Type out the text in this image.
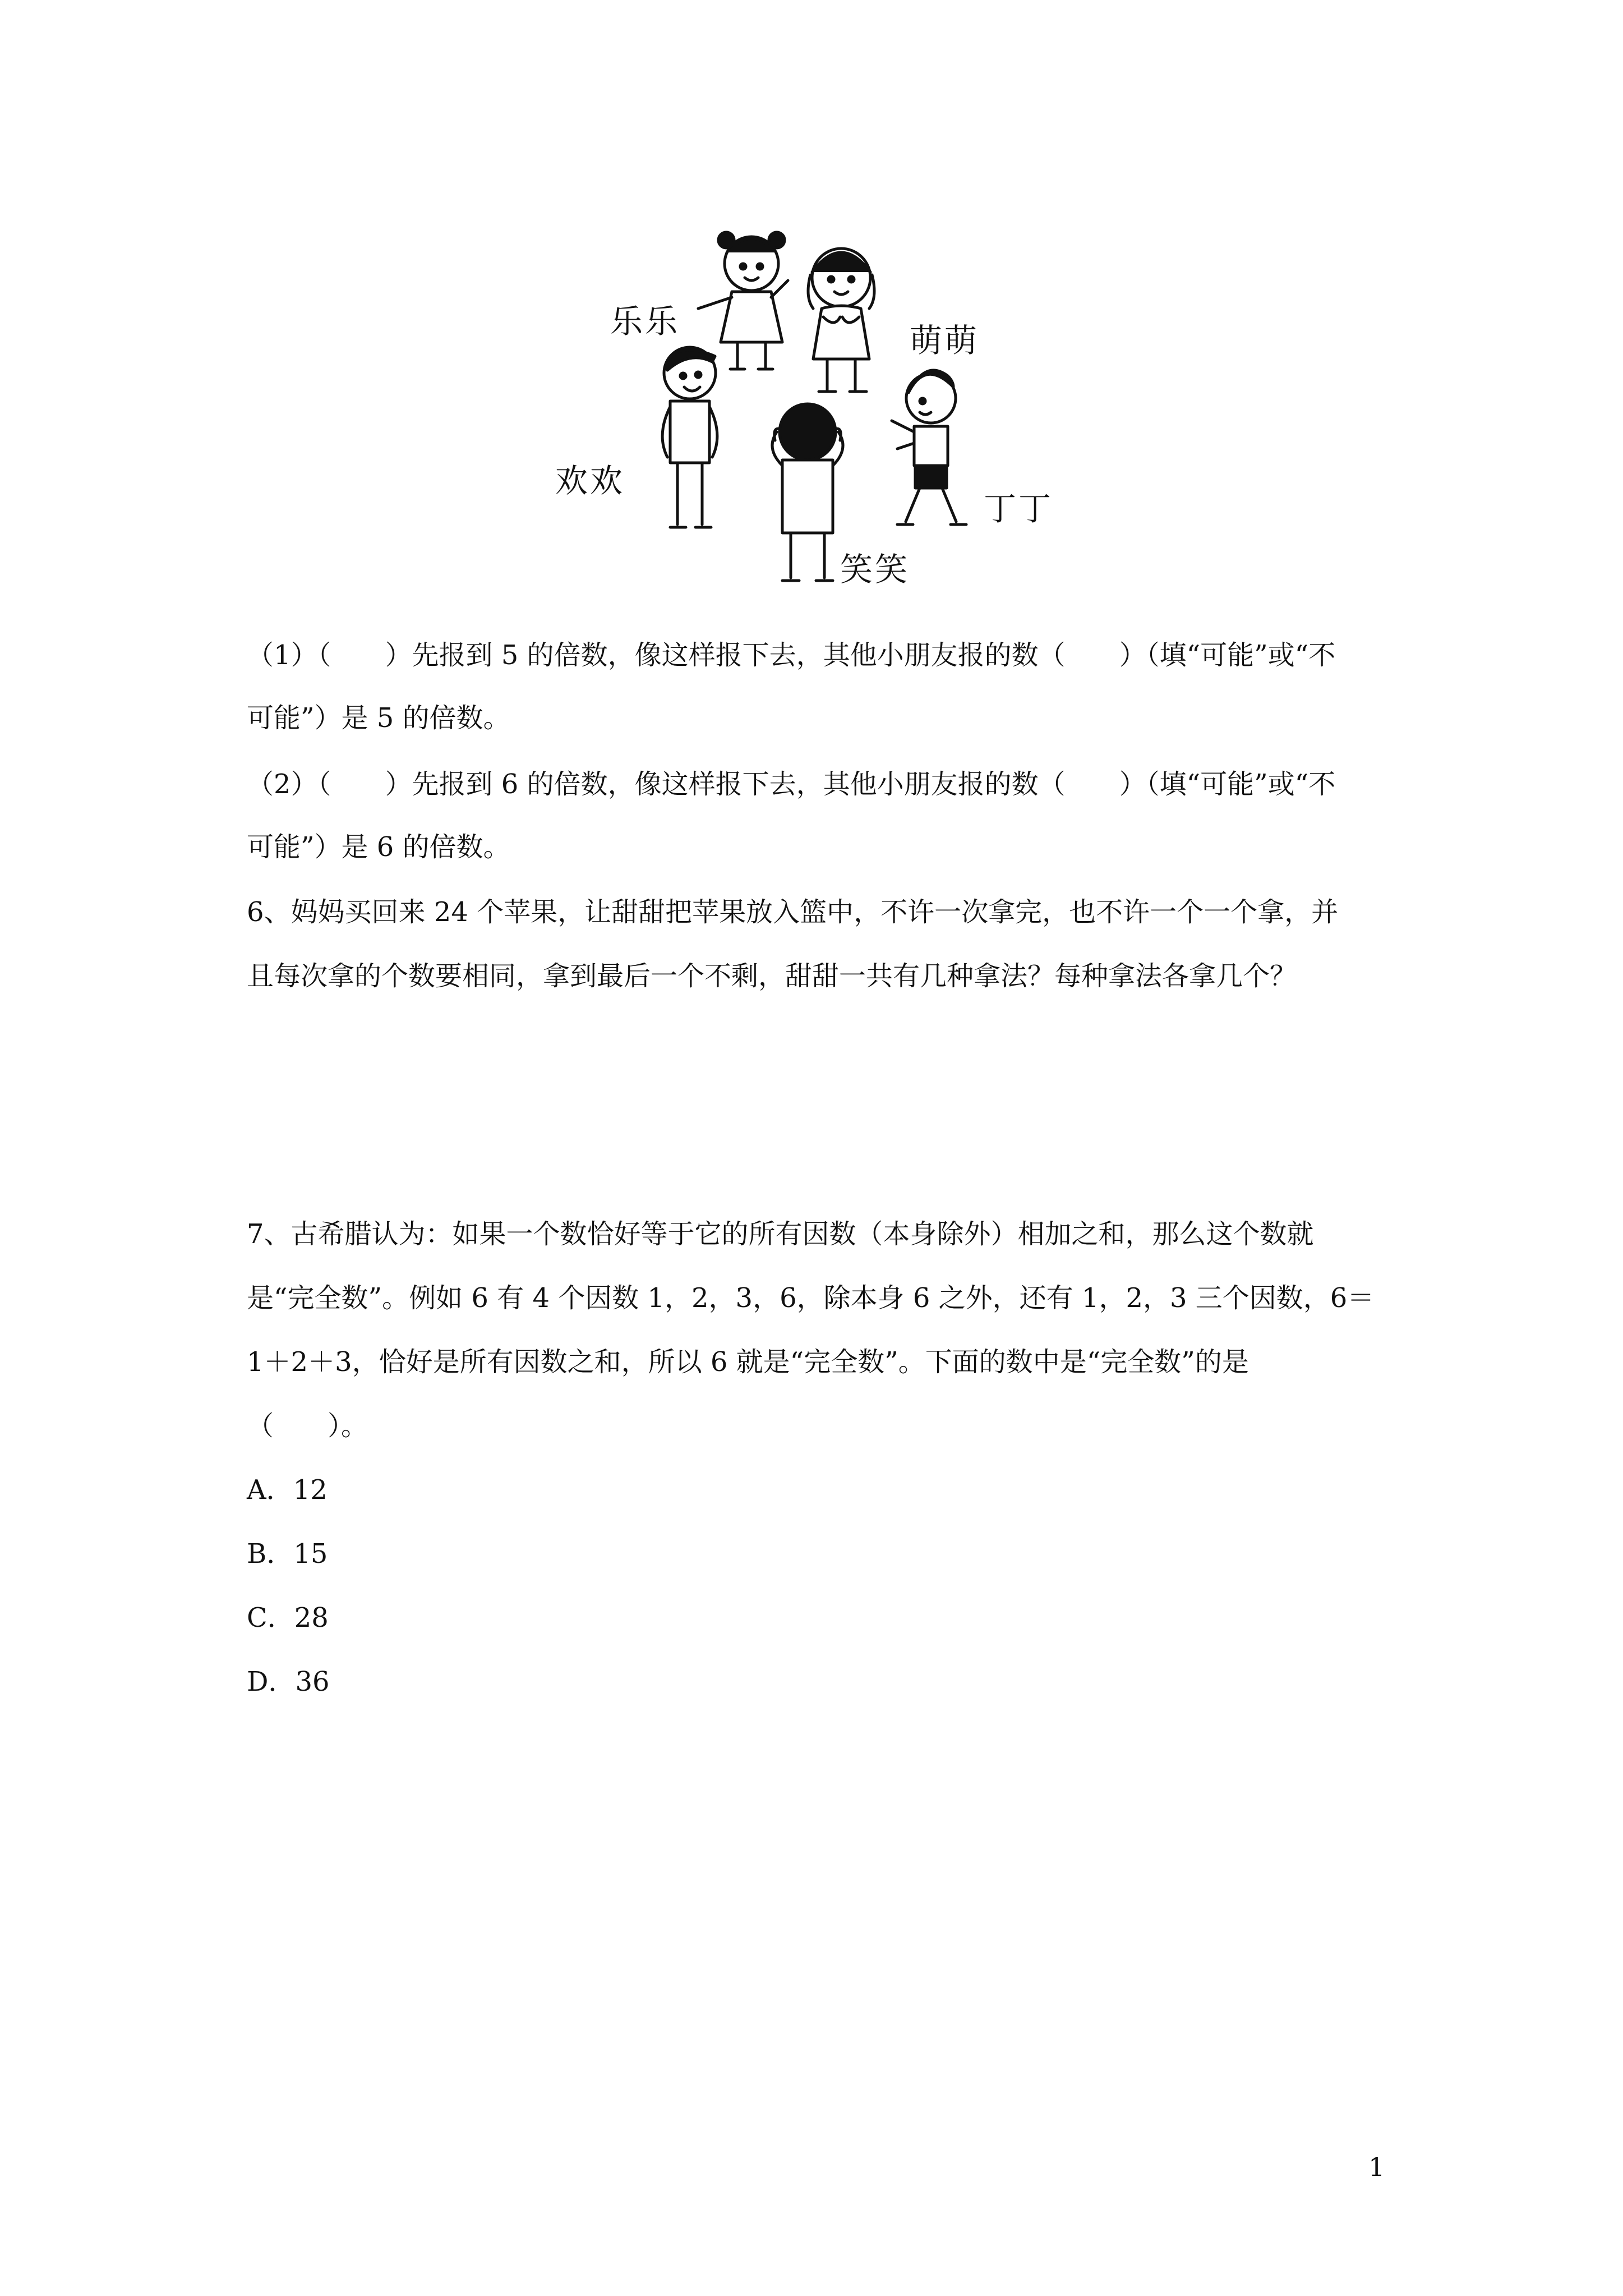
乐乐	萌萌
欢欢
丁丁
笑笑
（1）（　　）先报到 5 的倍数，像这样报下去，其他小朋友报的数（　　）（填“可能”或“不
可能”）是 5 的倍数。
（2）（　　）先报到 6 的倍数，像这样报下去，其他小朋友报的数（　　）（填“可能”或“不
可能”）是 6 的倍数。
6、妈妈买回来 24 个苹果，让甜甜把苹果放入篮中，不许一次拿完，也不许一个一个拿，并
且每次拿的个数要相同，拿到最后一个不剩，甜甜一共有几种拿法？每种拿法各拿几个？
7、古希腊认为：如果一个数恰好等于它的所有因数（本身除外）相加之和，那么这个数就
是“完全数”。例如 6 有 4 个因数 1，2，3，6，除本身 6 之外，还有 1，2，3 三个因数，6＝
1＋2＋3，恰好是所有因数之和，所以 6 就是“完全数”。下面的数中是“完全数”的是
（　　）。
A．12
B．15
C．28
D．36
1
